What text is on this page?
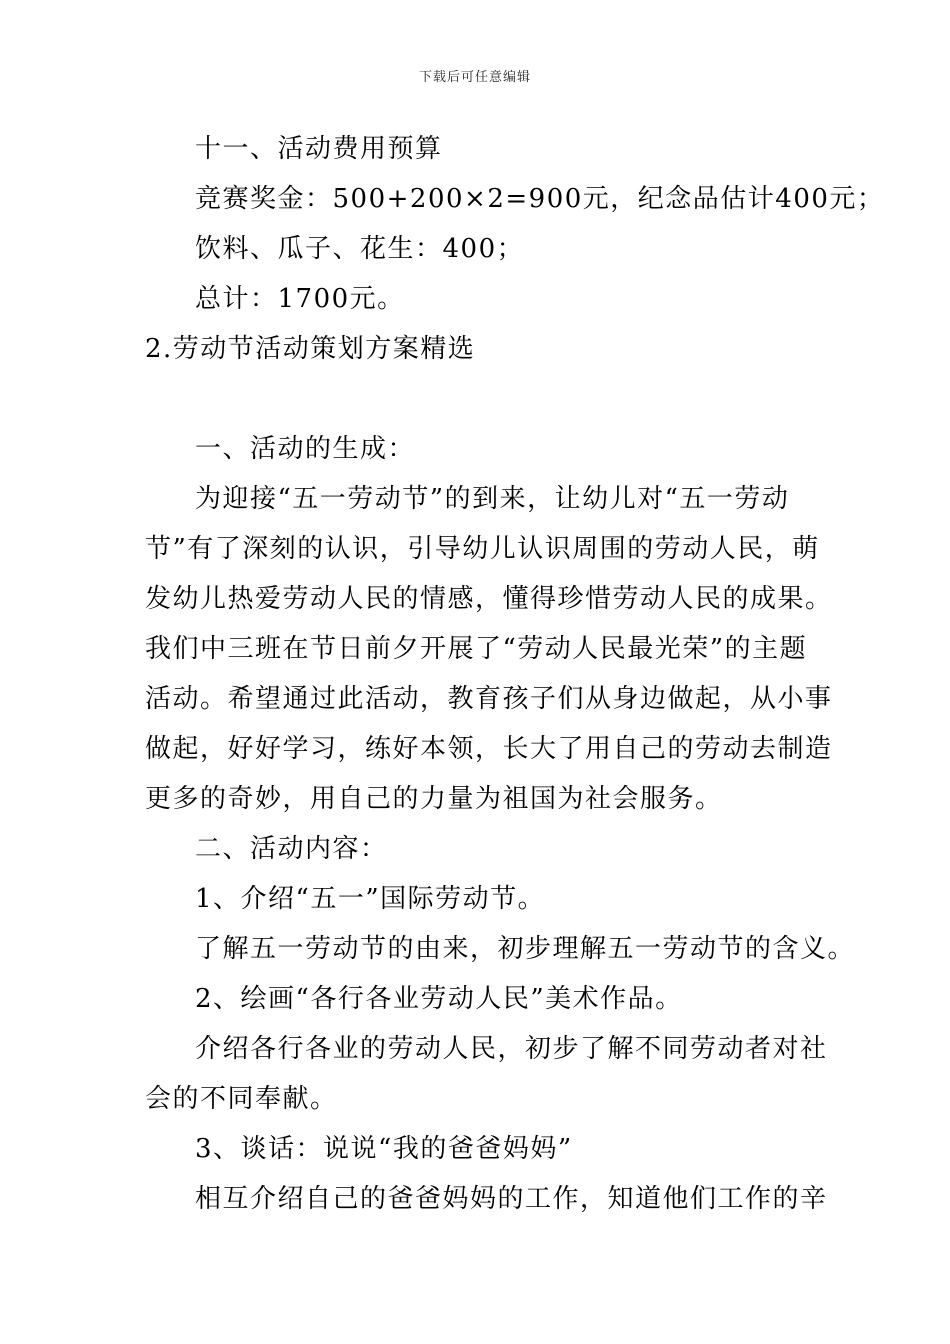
下载后可任意编辑
十一、活动费用预算
竞赛奖金：500+200×2=900元，纪念品估计400元；
饮料、瓜子、花生：400；
总计：1700元。
2.劳动节活动策划方案精选
一、活动的生成：
为迎接“五一劳动节”的到来，让幼儿对“五一劳动
节”有了深刻的认识，引导幼儿认识周围的劳动人民，萌
发幼儿热爱劳动人民的情感，懂得珍惜劳动人民的成果。
我们中三班在节日前夕开展了“劳动人民最光荣”的主题
活动。希望通过此活动，教育孩子们从身边做起，从小事
做起，好好学习，练好本领，长大了用自己的劳动去制造
更多的奇妙，用自己的力量为祖国为社会服务。
二、活动内容：
1、介绍“五一”国际劳动节。
了解五一劳动节的由来，初步理解五一劳动节的含义。
2、绘画“各行各业劳动人民”美术作品。
介绍各行各业的劳动人民，初步了解不同劳动者对社
会的不同奉献。
3、谈话：说说“我的爸爸妈妈”
相互介绍自己的爸爸妈妈的工作，知道他们工作的辛
